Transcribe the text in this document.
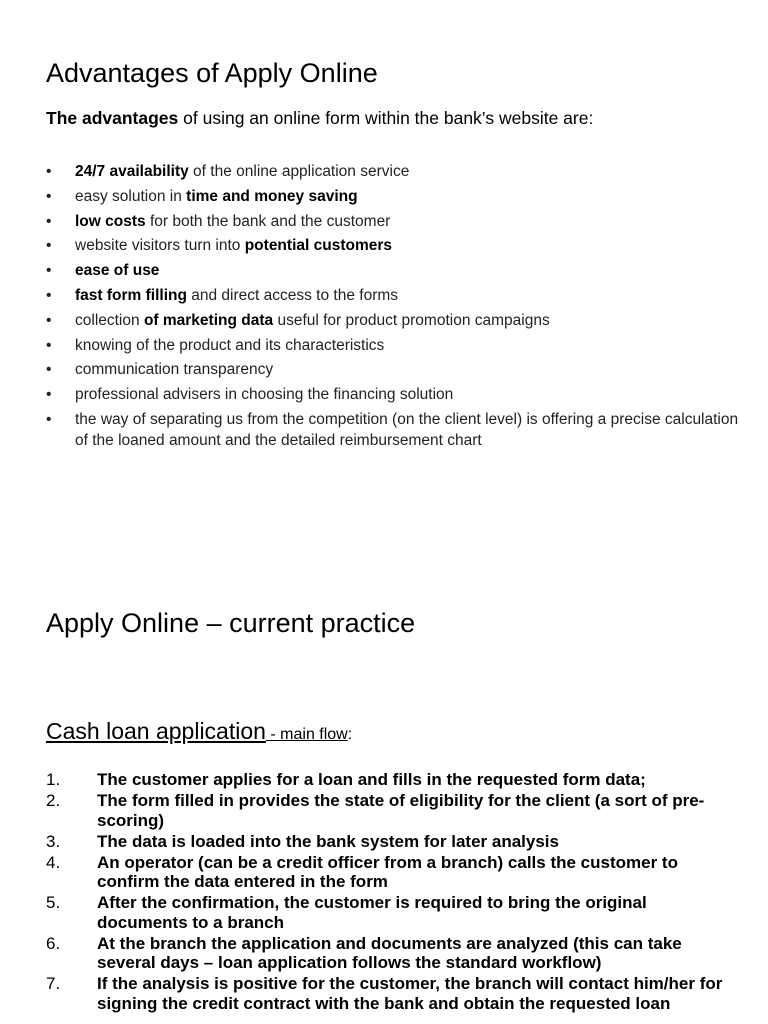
Advantages of Apply Online

The advantages of using an online form within the bank’s website are:

• 24/7 availability of the online application service
• easy solution in time and money saving
• low costs for both the bank and the customer
• website visitors turn into potential customers
• ease of use
• fast form filling and direct access to the forms
• collection of marketing data useful for product promotion campaigns
• knowing of the product and its characteristics
• communication transparency
• professional advisers in choosing the financing solution
• the way of separating us from the competition (on the client level) is offering a precise calculation of the loaned amount and the detailed reimbursement chart
Apply Online – current practice
Cash loan application - main flow:
1. The customer applies for a loan and fills in the requested form data;
2. The form filled in provides the state of eligibility for the client (a sort of pre-scoring)
3. The data is loaded into the bank system for later analysis
4. An operator (can be a credit officer from a branch) calls the customer to confirm the data entered in the form
5. After the confirmation, the customer is required to bring the original documents to a branch
6. At the branch the application and documents are analyzed (this can take several days – loan application follows the standard workflow)
7. If the analysis is positive for the customer, the branch will contact him/her for signing the credit contract with the bank and obtain the requested loan
